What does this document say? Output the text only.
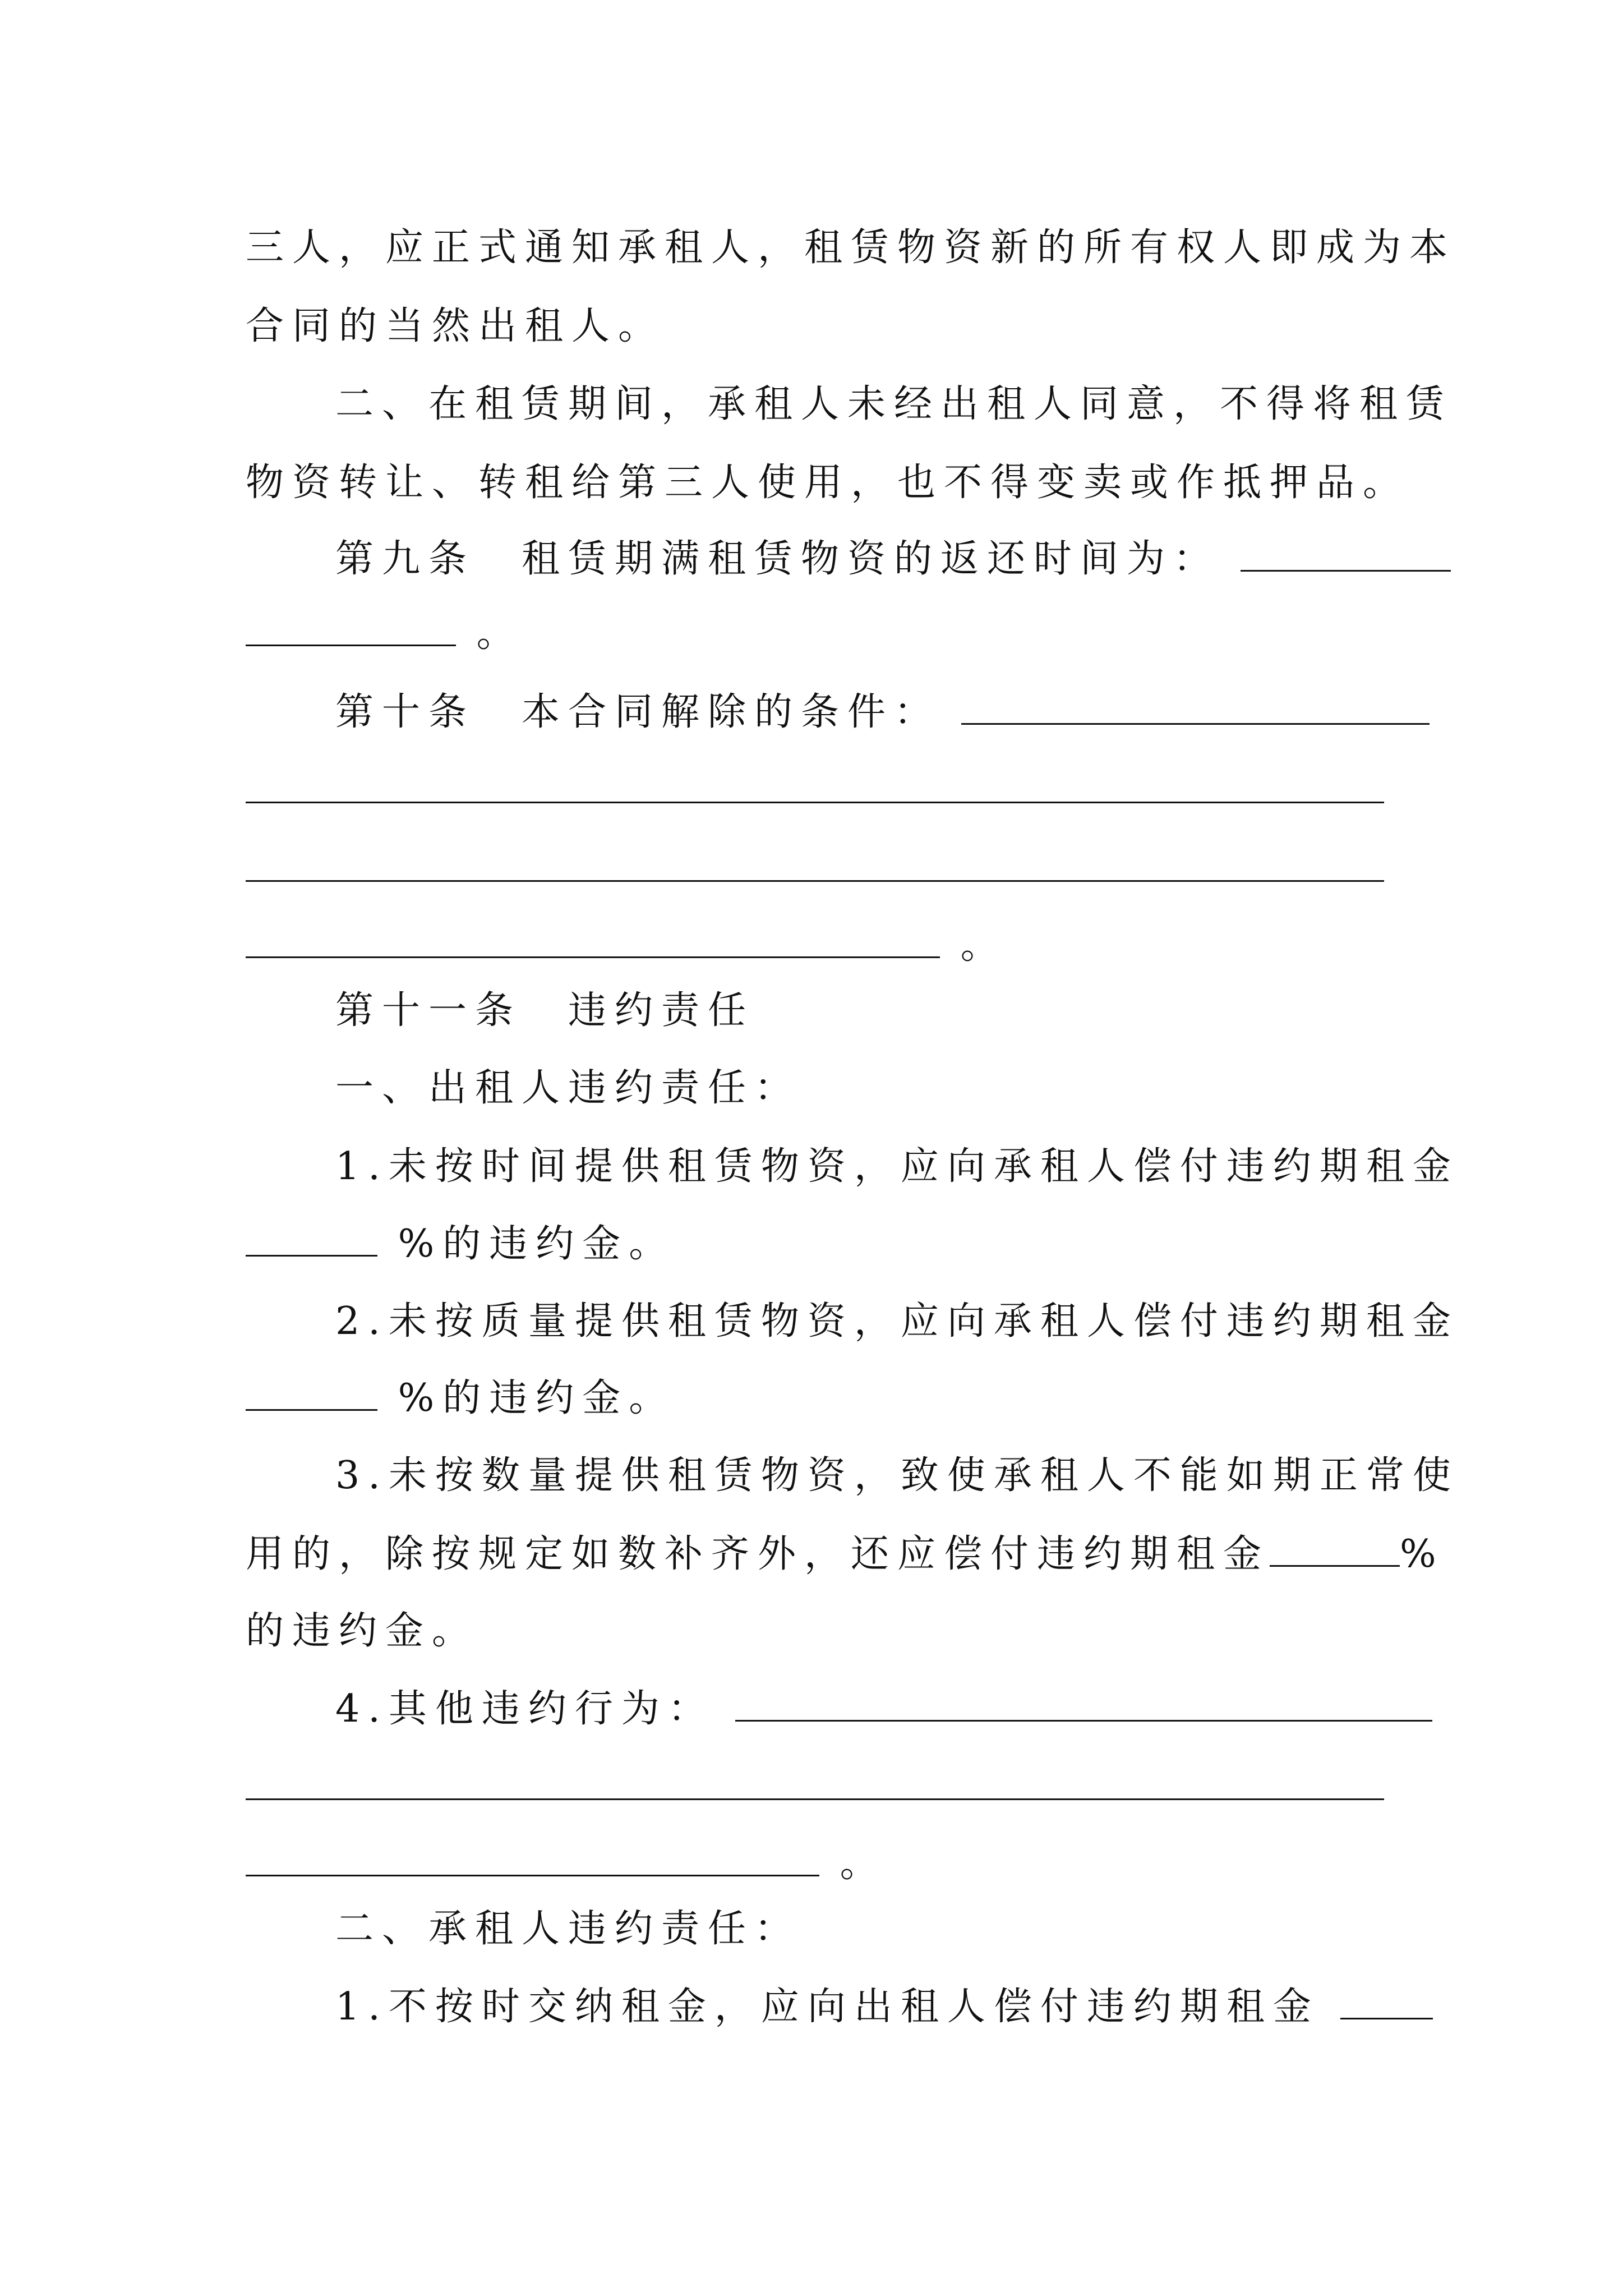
三人，应正式通知承租人，租赁物资新的所有权人即成为本
合同的当然出租人。
二、在租赁期间，承租人未经出租人同意，不得将租赁
物资转让、转租给第三人使用，也不得变卖或作抵押品。
第九条　租赁期满租赁物资的返还时间为：
。
第十条　本合同解除的条件：
。
第十一条　违约责任
一、出租人违约责任：
1.未按时间提供租赁物资，应向承租人偿付违约期租金
%的违约金。
2.未按质量提供租赁物资，应向承租人偿付违约期租金
%的违约金。
3.未按数量提供租赁物资，致使承租人不能如期正常使
用的，除按规定如数补齐外，还应偿付违约期租金	%
的违约金。
4.其他违约行为：
。
二、承租人违约责任：
1.不按时交纳租金，应向出租人偿付违约期租金
